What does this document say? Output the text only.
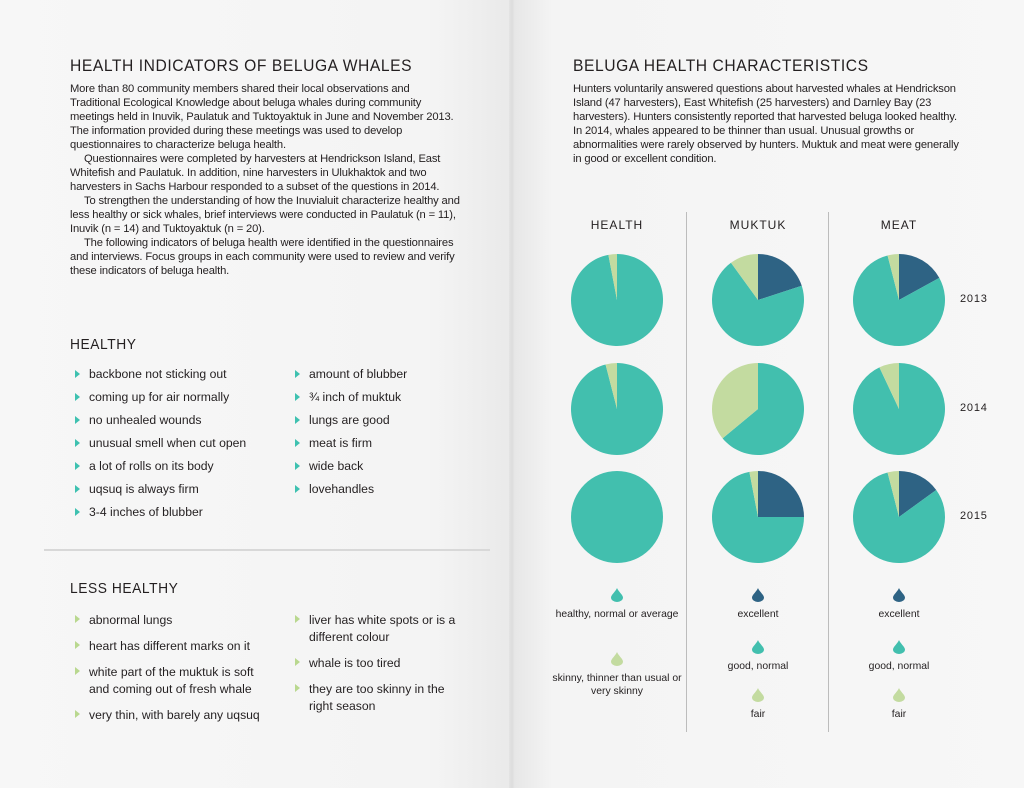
HEALTH INDICATORS OF BELUGA WHALES

More than 80 community members shared their local observations and Traditional Ecological Knowledge about beluga whales during community meetings held in Inuvik, Paulatuk and Tuktoyaktuk in June and November 2013. The information provided during these meetings was used to develop questionnaires to characterize beluga health.

Questionnaires were completed by harvesters at Hendrickson Island, East Whitefish and Paulatuk. In addition, nine harvesters in Ulukhaktok and two harvesters in Sachs Harbour responded to a subset of the questions in 2014.

To strengthen the understanding of how the Inuvialuit characterize healthy and less healthy or sick whales, brief interviews were conducted in Paulatuk (n = 11), Inuvik (n = 14) and Tuktoyaktuk (n = 20).

The following indicators of beluga health were identified in the questionnaires and interviews. Focus groups in each community were used to review and verify these indicators of beluga health.

HEALTHY
backbone not sticking out
coming up for air normally
no unhealed wounds
unusual smell when cut open
a lot of rolls on its body
uqsuq is always firm
3-4 inches of blubber
amount of blubber
¾ inch of muktuk
lungs are good
meat is firm
wide back
lovehandles
LESS HEALTHY
abnormal lungs
heart has different marks on it
white part of the muktuk is soft and coming out of fresh whale
very thin, with barely any uqsuq
liver has white spots or is a different colour
whale is too tired
they are too skinny in the right season
BELUGA HEALTH CHARACTERISTICS

Hunters voluntarily answered questions about harvested whales at Hendrickson Island (47 harvesters), East Whitefish (25 harvesters) and Darnley Bay (23 harvesters). Hunters consistently reported that harvested beluga looked healthy. In 2014, whales appeared to be thinner than usual. Unusual growths or abnormalities were rarely observed by hunters. Muktuk and meat were generally in good or excellent condition.

HEALTH	MUKTUK	MEAT
2013
2014
2015
healthy, normal or average
skinny, thinner than usual or very skinny
excellent
good, normal
fair
excellent
good, normal
fair
